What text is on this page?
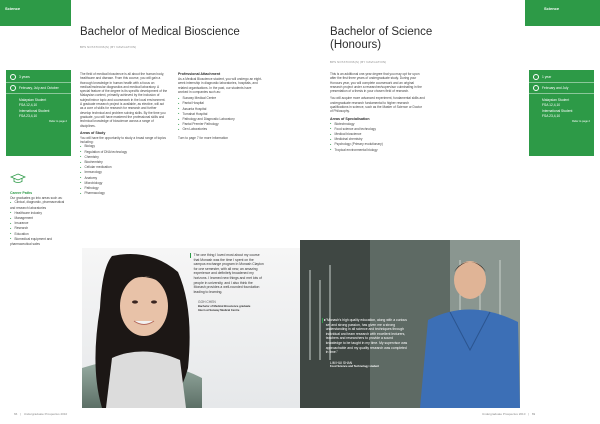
Science
3 years
February, July and October
Malaysian Student
FSA 12,4,10
International Student
FSA 23,4,10
Refer to page 2
Career Paths
Our graduates go into areas such as:
● Clinical, diagnostic, pharmaceutical and research laboratories
● Healthcare industry
● Management
● Insurance
● Research
● Education
● Biomedical equipment and pharmaceutical sales
Bachelor of Medical Bioscience
BPS NOTATIONS(S) (BY NAVIGATION)
The field of medical bioscience is all about the human body, healthcare and disease. From this course, you will gain a thorough knowledge in human health with a focus on medical/molecular diagnostics and medical laboratory. A special feature of the degree is its specific development of the Malaysian context, primarily achieved by the inclusion of subject/minor topic and coursework in the local environment. A graduate research project is available, as elective, will act as a core of skills for research for research and further develop technical and problem solving skills. By the time you graduate, you will have mastered the professional skills and technical knowledge of bioscience across a range of disciplines.
Areas of Study
You will have the opportunity to study a broad range of topics including:
● Biology
● Regulation of DNA technology
● Chemistry
● Biochemistry
● Cellular medication
● Immunology
● Anatomy
● Microbiology
● Pathology
● Pharmacology
Professional Attachment
As a Medical Bioscience student, you will undergo an eight-week internship in diagnostic laboratories, hospitals, and related organisations. In the past, our students have worked in companies such as:
● Sunway Medical Centre
● Pantai Hospital
● Assunta Hospital
● Tumahat Hospital
● Pathology and Diagnostic Laboratory
● Pantai Premier Pathology
● Gen Laboratories
Turn to page 7 for more information
The one thing I loved most about my course that Monash was the time I spent on the campus exchange program in Monash Clayton for one semester, with all new, an amazing experience and definitely broadened my horizons. I learned new things and met lots of people in university, and I also think the Monash provides a well-rounded foundation leading to learning.
GOH CHEN
Bachelor of Medical Bioscience graduate
Intern at Sunway Medical Centre
66 | Undergraduate Prospectus 2010
Bachelor of Science (Honours)
BPS NOTATIONS(S) (BY NAVIGATION)
This is an additional one-year degree that you may opt for upon after the first three years of undergraduate study. During your Honours year, you will complete coursework and an original research project under a researcher/supervisor culminating in the presentation of a thesis in your chosen field of research.
You will acquire more advanced experiment, fundamental skills and undergraduate research fundamental to higher research qualifications in science, such as the Master of Science or Doctor of Philosophy.
Areas of Specialisation
● Biotechnology
● Food science and technology
● Medical bioscience
● Medicinal chemistry
● Psychology (Primary evolutionary)
● Tropical environmental biology
"Monash's high quality education, along with a curious set and strong passion, has given me a strong understanding in all science and techniques through individual and team research with excellent lecturers, teachers and researchers to provide a sound knowledge to be taught in my time. My supervisor was approachable and my quality research was completed in time."
LIM HUI SHAN
Food Science and Technology student
Undergraduate Prospectus 2010 | 69
Science
1 year
February and July
Malaysian Student
FSA 12,4,10
International Student
FSA 23,4,10
Refer to page 2
